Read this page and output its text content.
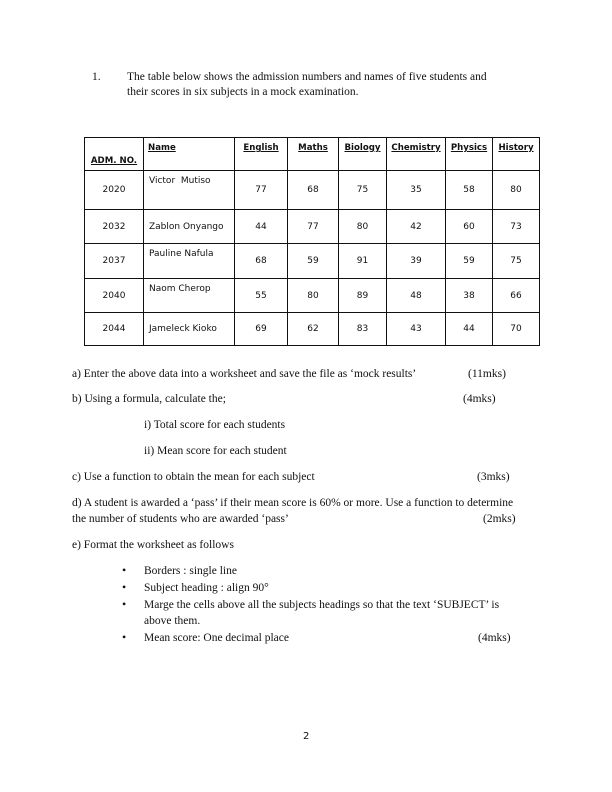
1. The table below shows the admission numbers and names of five students and
their scores in six subjects in a mock examination.
ADM. NO.	Name	English	Maths	Biology	Chemistry	Physics	History
2020	Victor  Mutiso	77	68	75	35	58	80
2032	Zablon Onyango	44	77	80	42	60	73
2037	Pauline Nafula	68	59	91	39	59	75
2040	Naom Cherop	55	80	89	48	38	66
2044	Jameleck Kioko	69	62	83	43	44	70
a) Enter the above data into a worksheet and save the file as ‘mock results’	(11mks)
b) Using a formula, calculate the;	(4mks)
i) Total score for each students
ii) Mean score for each student
c) Use a function to obtain the mean for each subject	(3mks)
d) A student is awarded a ‘pass’ if their mean score is 60% or more. Use a function to determine
the number of students who are awarded ‘pass’	(2mks)
e) Format the worksheet as follows
• Borders : single line
• Subject heading : align 90°
• Marge the cells above all the subjects headings so that the text ‘SUBJECT’ is
above them.
• Mean score: One decimal place	(4mks)
2
